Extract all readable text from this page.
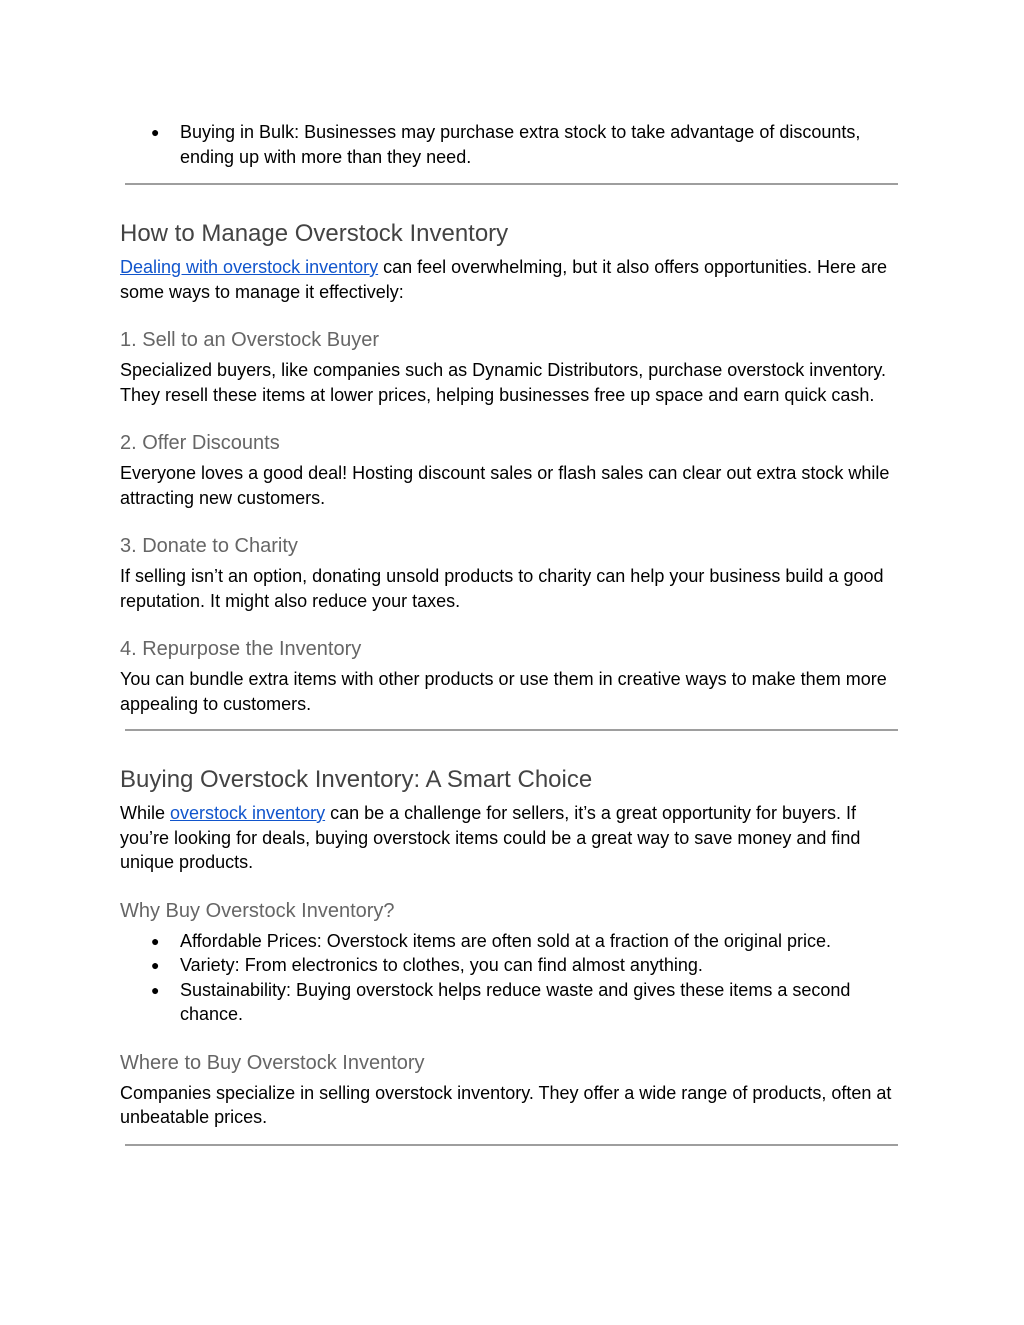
● Buying in Bulk: Businesses may purchase extra stock to take advantage of discounts, ending up with more than they need.
How to Manage Overstock Inventory

Dealing with overstock inventory can feel overwhelming, but it also offers opportunities. Here are some ways to manage it effectively:

1. Sell to an Overstock Buyer

Specialized buyers, like companies such as Dynamic Distributors, purchase overstock inventory. They resell these items at lower prices, helping businesses free up space and earn quick cash.

2. Offer Discounts

Everyone loves a good deal! Hosting discount sales or flash sales can clear out extra stock while attracting new customers.

3. Donate to Charity

If selling isn’t an option, donating unsold products to charity can help your business build a good reputation. It might also reduce your taxes.

4. Repurpose the Inventory

You can bundle extra items with other products or use them in creative ways to make them more appealing to customers.

Buying Overstock Inventory: A Smart Choice

While overstock inventory can be a challenge for sellers, it’s a great opportunity for buyers. If you’re looking for deals, buying overstock items could be a great way to save money and find unique products.

Why Buy Overstock Inventory?
● Affordable Prices: Overstock items are often sold at a fraction of the original price.
● Variety: From electronics to clothes, you can find almost anything.
● Sustainability: Buying overstock helps reduce waste and gives these items a second chance.
Where to Buy Overstock Inventory

Companies specialize in selling overstock inventory. They offer a wide range of products, often at unbeatable prices.
